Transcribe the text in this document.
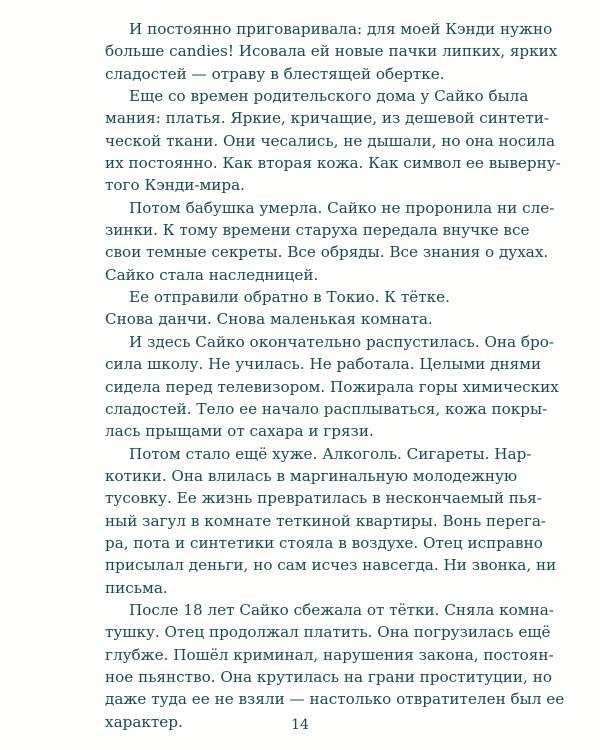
И постоянно приговаривала: для моей Кэнди нужно
больше candies! Исовала ей новые пачки липких, ярких
сладостей — отраву в блестящей обертке.
Еще со времен родительского дома у Сайко была
мания: платья. Яркие, кричащие, из дешевой синтети-
ческой ткани. Они чесались, не дышали, но она носила
их постоянно. Как вторая кожа. Как символ ее выверну-
того Кэнди-мира.
Потом бабушка умерла. Сайко не проронила ни сле-
зинки. К тому времени старуха передала внучке все
свои темные секреты. Все обряды. Все знания о духах.
Сайко стала наследницей.
Ее отправили обратно в Токио. К тётке.
Снова данчи. Снова маленькая комната.
И здесь Сайко окончательно распустилась. Она бро-
сила школу. Не училась. Не работала. Целыми днями
сидела перед телевизором. Пожирала горы химических
сладостей. Тело ее начало расплываться, кожа покры-
лась прыщами от сахара и грязи.
Потом стало ещё хуже. Алкоголь. Сигареты. Нар-
котики. Она влилась в маргинальную молодежную
тусовку. Ее жизнь превратилась в нескончаемый пья-
ный загул в комнате теткиной квартиры. Вонь перега-
ра, пота и синтетики стояла в воздухе. Отец исправно
присылал деньги, но сам исчез навсегда. Ни звонка, ни
письма.
После 18 лет Сайко сбежала от тётки. Сняла комна-
тушку. Отец продолжал платить. Она погрузилась ещё
глубже. Пошёл криминал, нарушения закона, постоян-
ное пьянство. Она крутилась на грани проституции, но
даже туда ее не взяли — настолько отвратителен был ее
характер.	14
